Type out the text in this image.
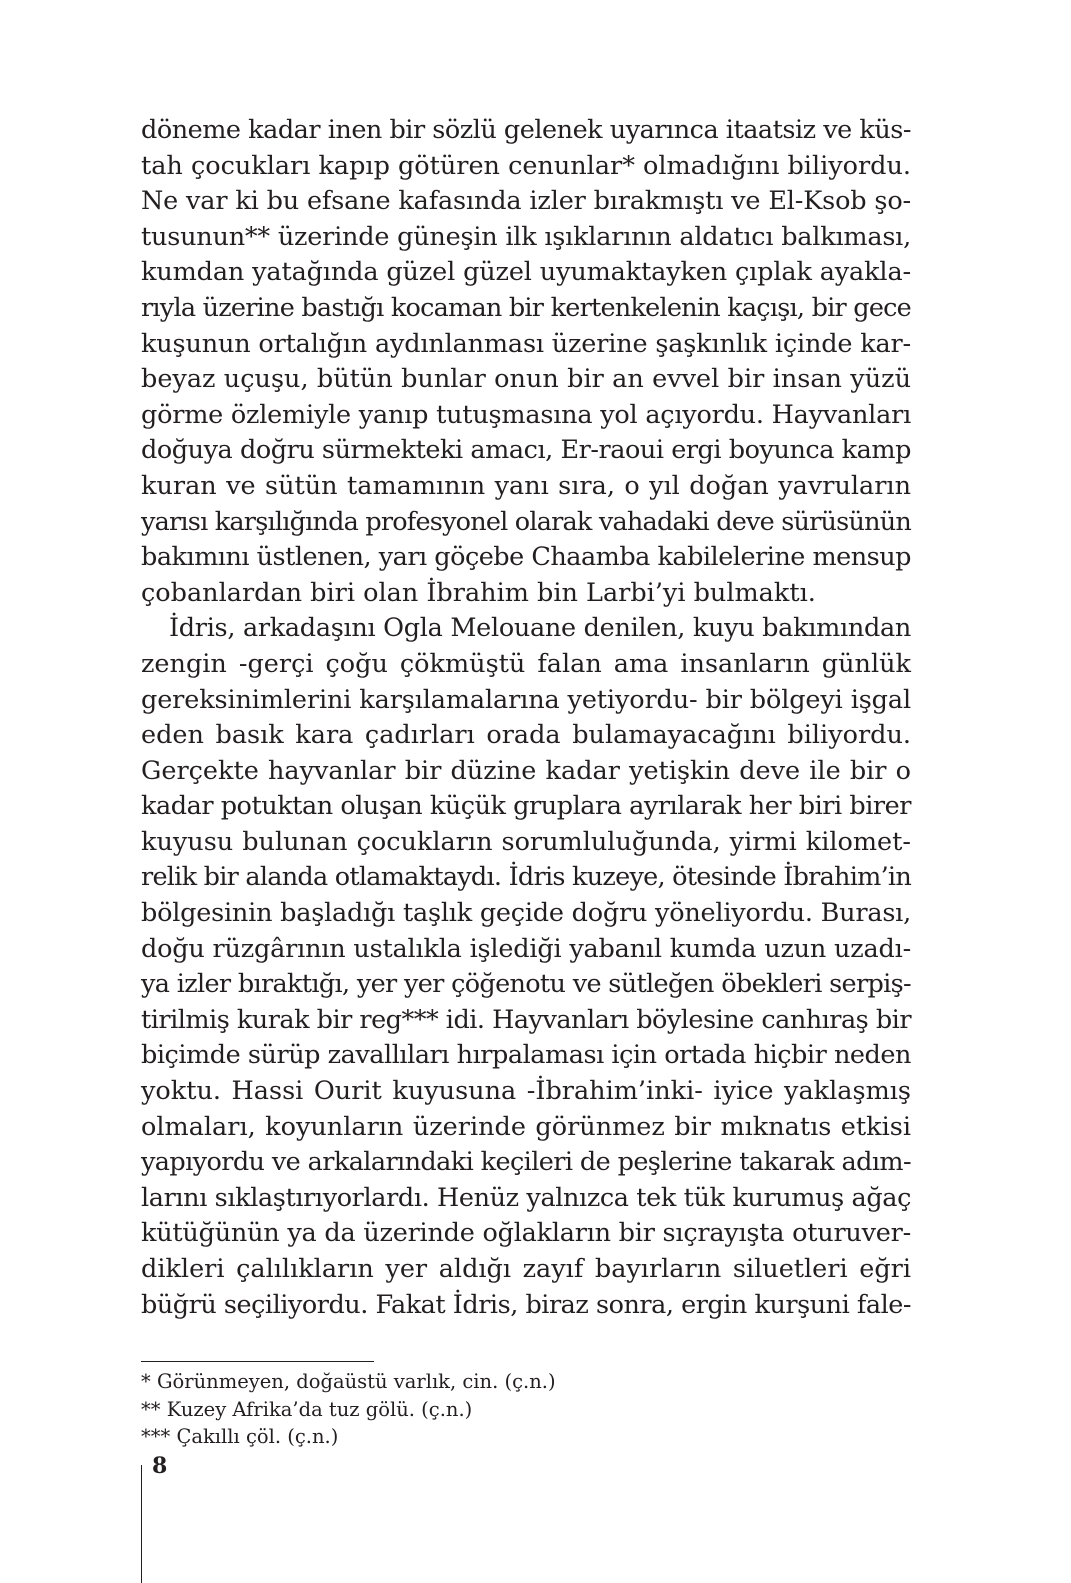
döneme kadar inen bir sözlü gelenek uyarınca itaatsiz ve küs-
tah çocukları kapıp götüren cenunlar* olmadığını biliyordu.
Ne var ki bu efsane kafasında izler bırakmıştı ve El-Ksob şo-
tusunun** üzerinde güneşin ilk ışıklarının aldatıcı balkıması,
kumdan yatağında güzel güzel uyumaktayken çıplak ayakla-
rıyla üzerine bastığı kocaman bir kertenkelenin kaçışı, bir gece
kuşunun ortalığın aydınlanması üzerine şaşkınlık içinde kar-
beyaz uçuşu, bütün bunlar onun bir an evvel bir insan yüzü
görme özlemiyle yanıp tutuşmasına yol açıyordu. Hayvanları
doğuya doğru sürmekteki amacı, Er-raoui ergi boyunca kamp
kuran ve sütün tamamının yanı sıra, o yıl doğan yavruların
yarısı karşılığında profesyonel olarak vahadaki deve sürüsünün
bakımını üstlenen, yarı göçebe Chaamba kabilelerine mensup
çobanlardan biri olan İbrahim bin Larbi’yi bulmaktı.
İdris, arkadaşını Ogla Melouane denilen, kuyu bakımından
zengin -gerçi çoğu çökmüştü falan ama insanların günlük
gereksinimlerini karşılamalarına yetiyordu- bir bölgeyi işgal
eden basık kara çadırları orada bulamayacağını biliyordu.
Gerçekte hayvanlar bir düzine kadar yetişkin deve ile bir o
kadar potuktan oluşan küçük gruplara ayrılarak her biri birer
kuyusu bulunan çocukların sorumluluğunda, yirmi kilomet-
relik bir alanda otlamaktaydı. İdris kuzeye, ötesinde İbrahim’in
bölgesinin başladığı taşlık geçide doğru yöneliyordu. Burası,
doğu rüzgârının ustalıkla işlediği yabanıl kumda uzun uzadı-
ya izler bıraktığı, yer yer çöğenotu ve sütleğen öbekleri serpiş-
tirilmiş kurak bir reg*** idi. Hayvanları böylesine canhıraş bir
biçimde sürüp zavallıları hırpalaması için ortada hiçbir neden
yoktu. Hassi Ourit kuyusuna -İbrahim’inki- iyice yaklaşmış
olmaları, koyunların üzerinde görünmez bir mıknatıs etkisi
yapıyordu ve arkalarındaki keçileri de peşlerine takarak adım-
larını sıklaştırıyorlardı. Henüz yalnızca tek tük kurumuş ağaç
kütüğünün ya da üzerinde oğlakların bir sıçrayışta oturuver-
dikleri çalılıkların yer aldığı zayıf bayırların siluetleri eğri
büğrü seçiliyordu. Fakat İdris, biraz sonra, ergin kurşuni fale-
* Görünmeyen, doğaüstü varlık, cin. (ç.n.)
** Kuzey Afrika’da tuz gölü. (ç.n.)
*** Çakıllı çöl. (ç.n.)
8
